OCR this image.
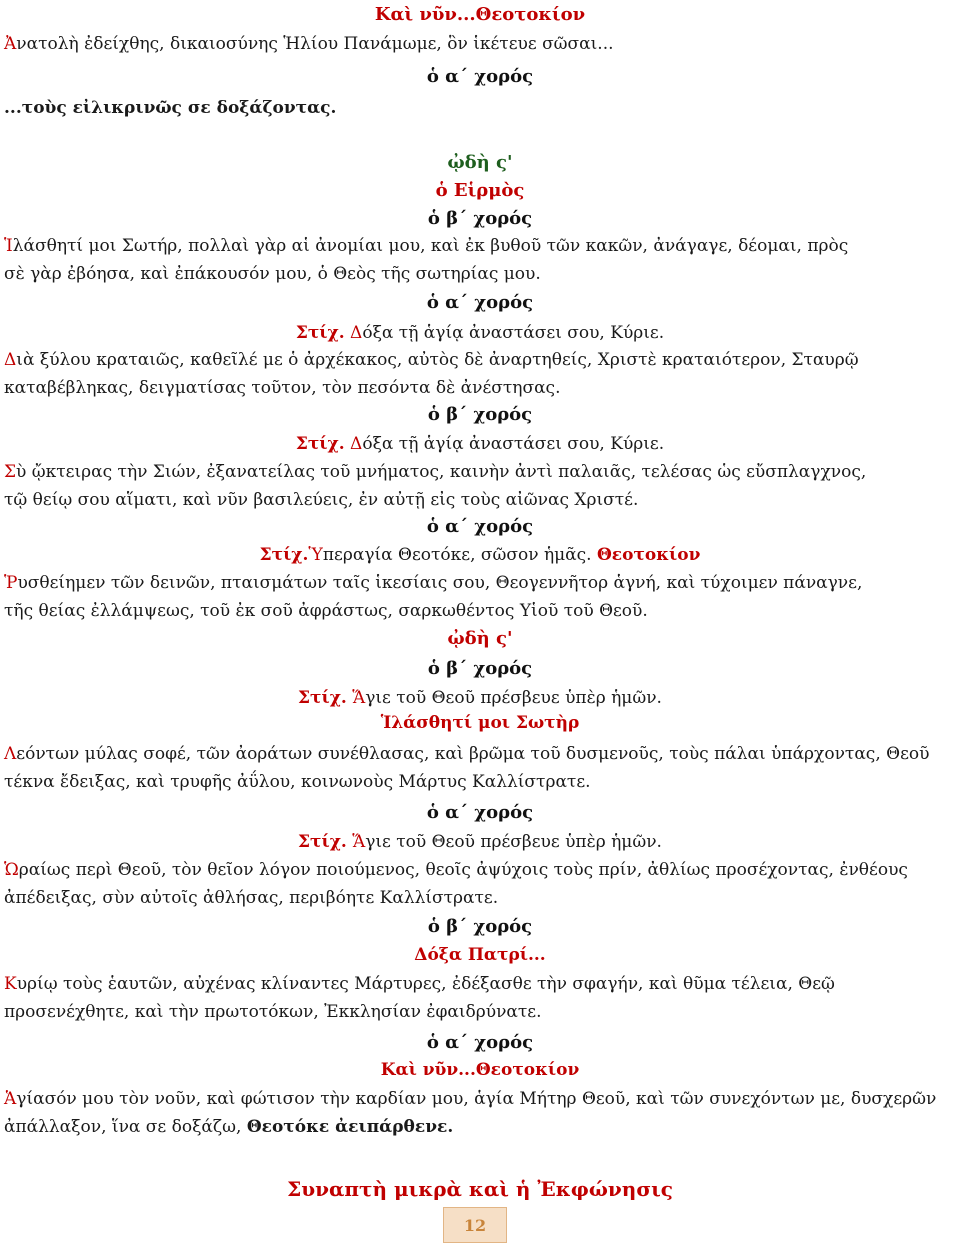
Καὶ νῦν...Θεοτοκίον
Ἀνατολὴ ἐδείχθης, δικαιοσύνης Ἡλίου Πανάμωμε, ὃν ἱκέτευε σῶσαι...
ὁ α΄ χορός
...τοὺς εἰλικρινῶς σε δοξάζοντας.
ᾠδὴ ς'
ὁ Εἱρμὸς
ὁ β΄ χορός
Ἱλάσθητί μοι Σωτήρ, πολλαὶ γὰρ αἱ ἀνομίαι μου, καὶ ἐκ βυθοῦ τῶν κακῶν, ἀνάγαγε, δέομαι, πρὸς
σὲ γὰρ ἐβόησα, καὶ ἐπάκουσόν μου, ὁ Θεὸς τῆς σωτηρίας μου.
ὁ α΄ χορός
Στίχ. Δόξα τῇ ἁγίᾳ ἀναστάσει σου, Κύριε.
Διὰ ξύλου κραταιῶς, καθεῖλέ με ὁ ἀρχέκακος, αὐτὸς δὲ ἀναρτηθείς, Χριστὲ κραταιότερον, Σταυρῷ
καταβέβληκας, δειγματίσας τοῦτον, τὸν πεσόντα δὲ ἀνέστησας.
ὁ β΄ χορός
Στίχ. Δόξα τῇ ἁγίᾳ ἀναστάσει σου, Κύριε.
Σὺ ᾤκτειρας τὴν Σιών, ἐξανατείλας τοῦ μνήματος, καινὴν ἀντὶ παλαιᾶς, τελέσας ὡς εὔσπλαγχνος,
τῷ θείῳ σου αἵματι, καὶ νῦν βασιλεύεις, ἐν αὐτῇ εἰς τοὺς αἰῶνας Χριστέ.
ὁ α΄ χορός
Στίχ.Ὑπεραγία Θεοτόκε, σῶσον ἡμᾶς. Θεοτοκίον
Ῥυσθείημεν τῶν δεινῶν, πταισμάτων ταῖς ἱκεσίαις σου, Θεογεννῆτορ ἁγνή, καὶ τύχοιμεν πάναγνε,
τῆς θείας ἐλλάμψεως, τοῦ ἐκ σοῦ ἀφράστως, σαρκωθέντος Υἱοῦ τοῦ Θεοῦ.
ᾠδὴ ς'
ὁ β΄ χορός
Στίχ. Ἅγιε τοῦ Θεοῦ πρέσβευε ὑπὲρ ἡμῶν.
Ἱλάσθητί μοι Σωτὴρ
Λεόντων μύλας σοφέ, τῶν ἀοράτων συνέθλασας, καὶ βρῶμα τοῦ δυσμενοῦς, τοὺς πάλαι ὑπάρχοντας, Θεοῦ
τέκνα ἔδειξας, καὶ τρυφῆς ἀΰλου, κοινωνοὺς Μάρτυς Καλλίστρατε.
ὁ α΄ χορός
Στίχ. Ἅγιε τοῦ Θεοῦ πρέσβευε ὑπὲρ ἡμῶν.
Ὡραίως περὶ Θεοῦ, τὸν θεῖον λόγον ποιούμενος, θεοῖς ἀψύχοις τοὺς πρίν, ἀθλίως προσέχοντας, ἐνθέους
ἀπέδειξας, σὺν αὐτοῖς ἀθλήσας, περιβόητε Καλλίστρατε.
ὁ β΄ χορός
Δόξα Πατρί...
Κυρίῳ τοὺς ἑαυτῶν, αὐχένας κλίναντες Μάρτυρες, ἐδέξασθε τὴν σφαγήν, καὶ θῦμα τέλεια, Θεῷ
προσενέχθητε, καὶ τὴν πρωτοτόκων, Ἐκκλησίαν ἐφαιδρύνατε.
ὁ α΄ χορός
Καὶ νῦν...Θεοτοκίον
Ἁγίασόν μου τὸν νοῦν, καὶ φώτισον τὴν καρδίαν μου, ἁγία Μήτηρ Θεοῦ, καὶ τῶν συνεχόντων με, δυσχερῶν
ἀπάλλαξον, ἵνα σε δοξάζω, Θεοτόκε ἀειπάρθενε.
Συναπτὴ μικρὰ καὶ ἡ Ἐκφώνησις
12
